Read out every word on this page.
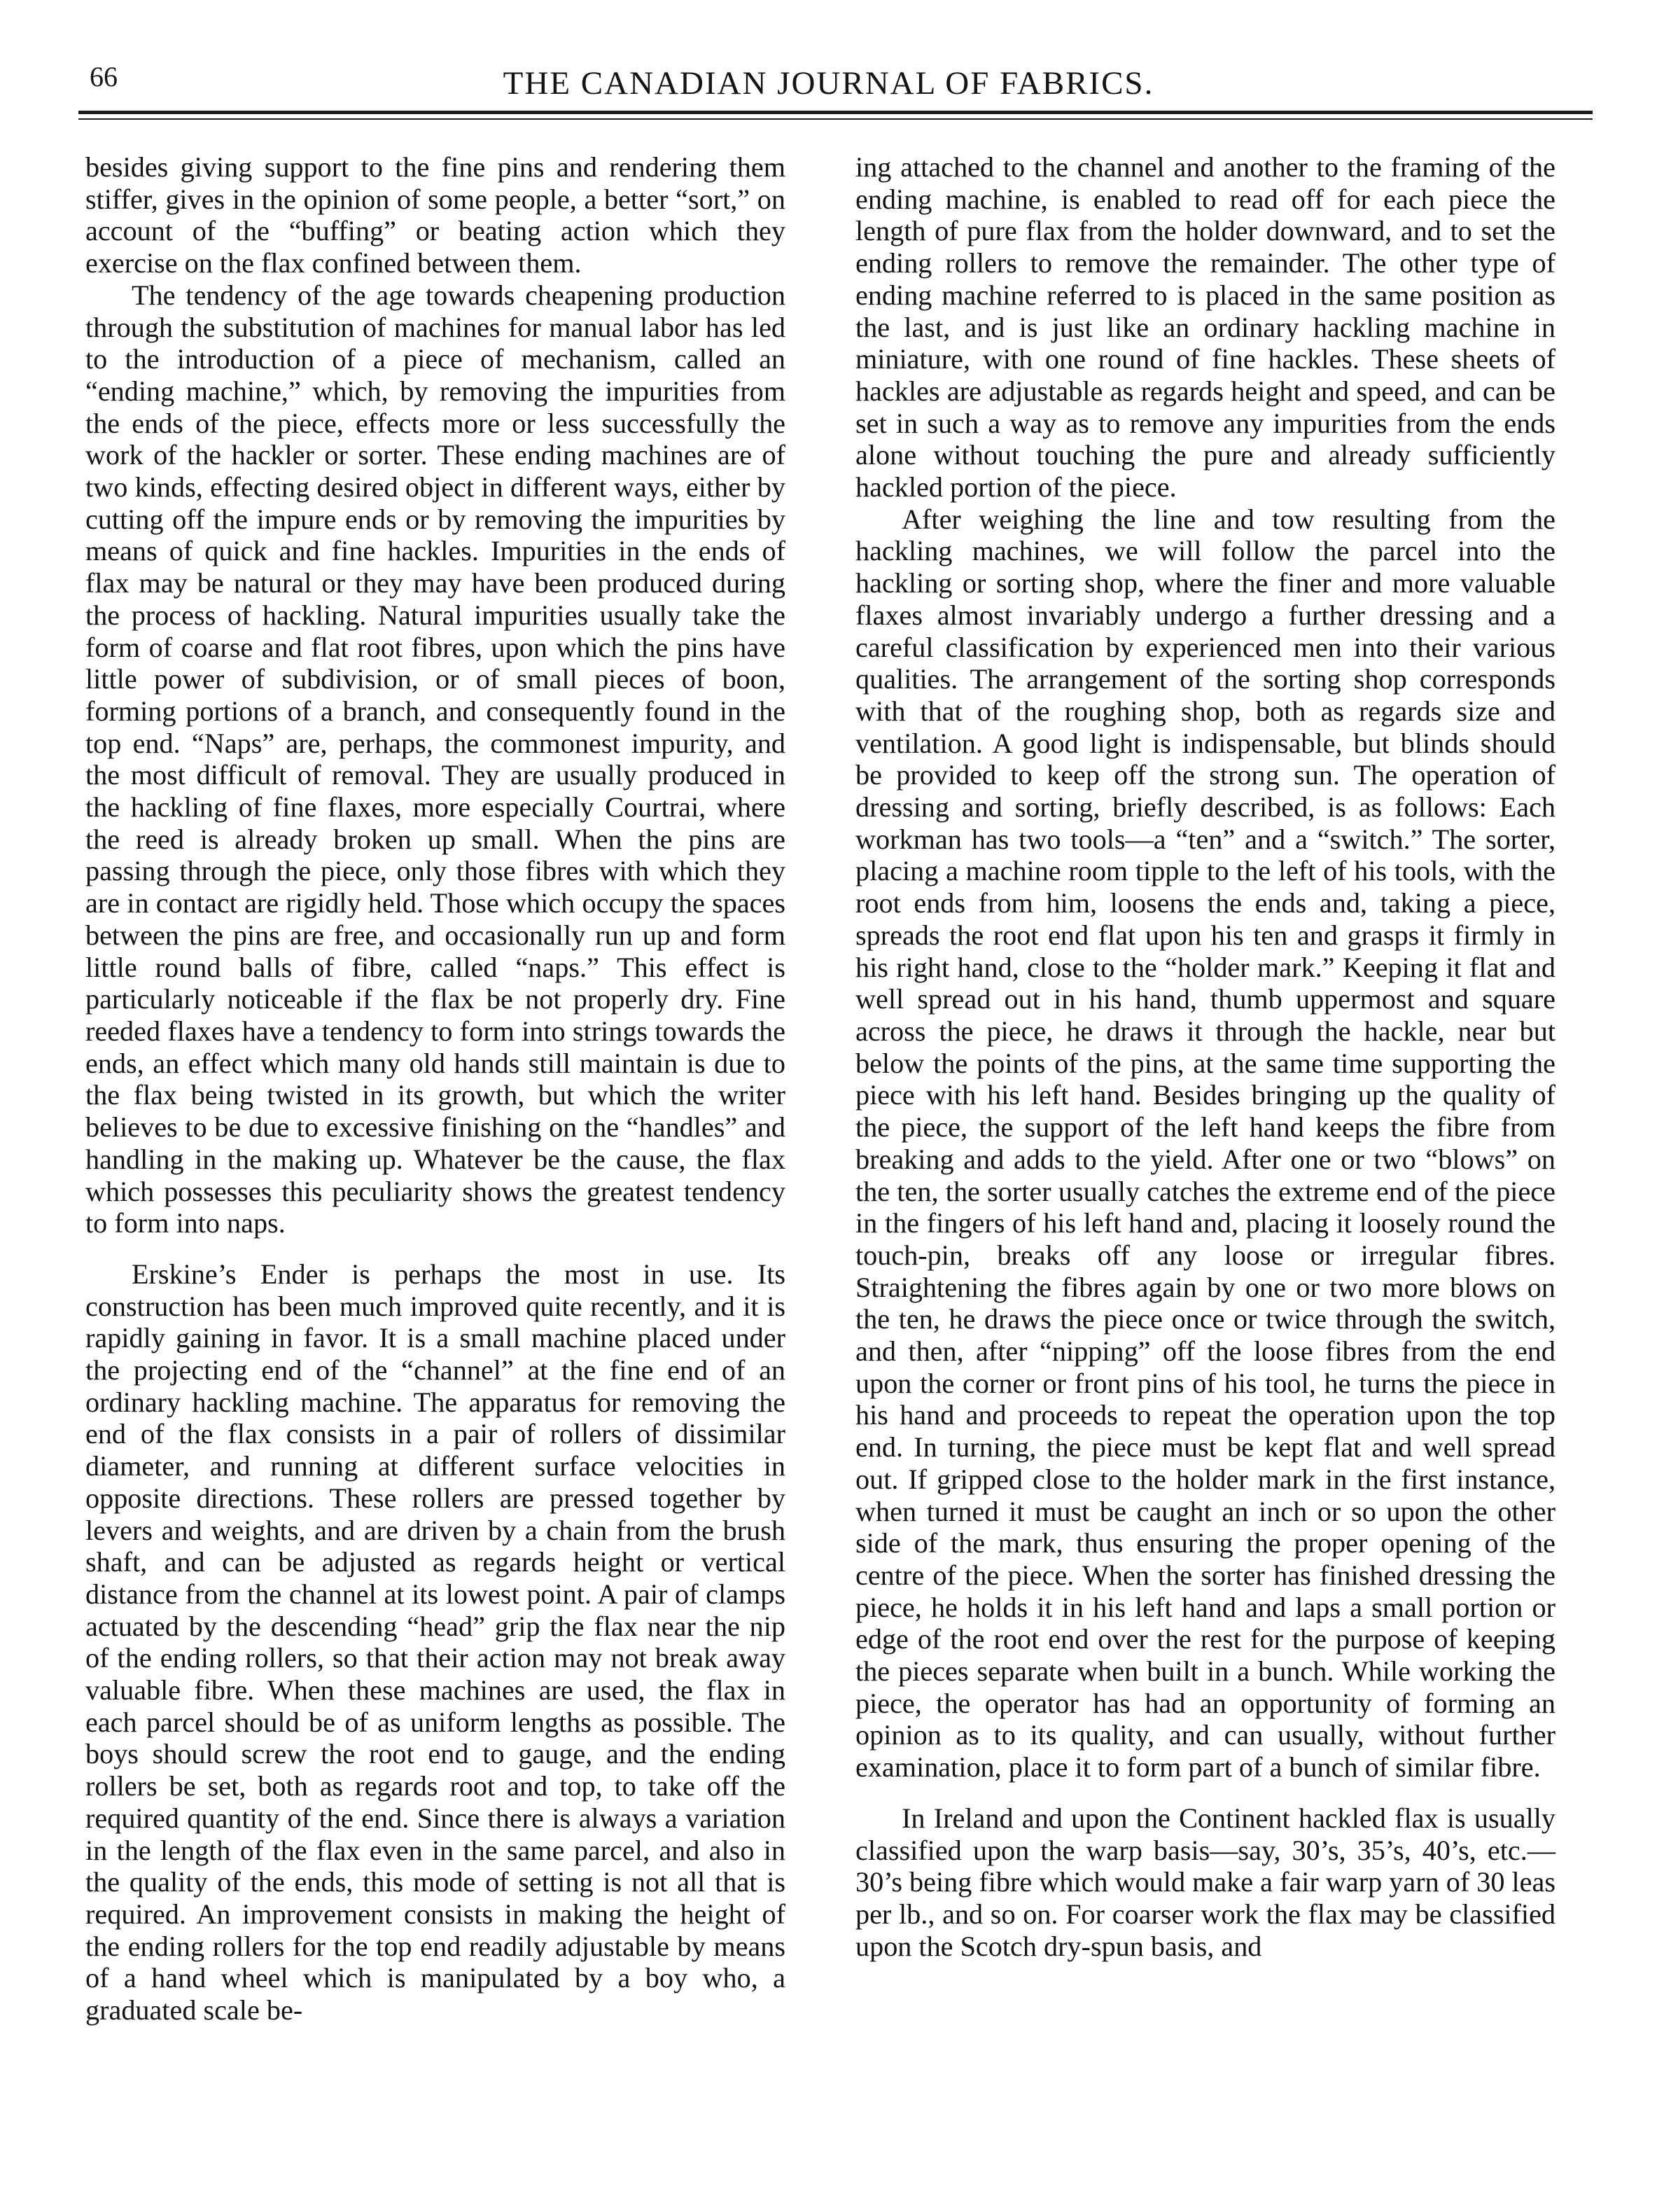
66	THE CANADIAN JOURNAL OF FABRICS.

besides giving support to the fine pins and rendering them stiffer, gives in the opinion of some people, a better “sort,” on account of the “buffing” or beating action which they exercise on the flax confined between them.

The tendency of the age towards cheapening production through the substitution of machines for manual labor has led to the introduction of a piece of mechanism, called an “ending machine,” which, by removing the impurities from the ends of the piece, effects more or less successfully the work of the hackler or sorter. These ending machines are of two kinds, effecting desired object in different ways, either by cutting off the impure ends or by removing the impurities by means of quick and fine hackles. Impurities in the ends of flax may be natural or they may have been produced during the process of hackling. Natural impurities usually take the form of coarse and flat root fibres, upon which the pins have little power of subdivision, or of small pieces of boon, forming portions of a branch, and consequently found in the top end. “Naps” are, perhaps, the commonest impurity, and the most difficult of removal. They are usually produced in the hackling of fine flaxes, more especially Courtrai, where the reed is already broken up small. When the pins are passing through the piece, only those fibres with which they are in contact are rigidly held. Those which occupy the spaces between the pins are free, and occasionally run up and form little round balls of fibre, called “naps.” This effect is particularly noticeable if the flax be not properly dry. Fine reeded flaxes have a tendency to form into strings towards the ends, an effect which many old hands still maintain is due to the flax being twisted in its growth, but which the writer believes to be due to excessive finishing on the “handles” and handling in the making up. Whatever be the cause, the flax which possesses this peculiarity shows the greatest tendency to form into naps.

Erskine’s Ender is perhaps the most in use. Its construction has been much improved quite recently, and it is rapidly gaining in favor. It is a small machine placed under the projecting end of the “channel” at the fine end of an ordinary hackling machine. The apparatus for removing the end of the flax consists in a pair of rollers of dissimilar diameter, and running at different surface velocities in opposite directions. These rollers are pressed together by levers and weights, and are driven by a chain from the brush shaft, and can be adjusted as regards height or vertical distance from the channel at its lowest point. A pair of clamps actuated by the descending “head” grip the flax near the nip of the ending rollers, so that their action may not break away valuable fibre. When these machines are used, the flax in each parcel should be of as uniform lengths as possible. The boys should screw the root end to gauge, and the ending rollers be set, both as regards root and top, to take off the required quantity of the end. Since there is always a variation in the length of the flax even in the same parcel, and also in the quality of the ends, this mode of setting is not all that is required. An improvement consists in making the height of the ending rollers for the top end readily adjustable by means of a hand wheel which is manipulated by a boy who, a graduated scale be-

ing attached to the channel and another to the framing of the ending machine, is enabled to read off for each piece the length of pure flax from the holder downward, and to set the ending rollers to remove the remainder. The other type of ending machine referred to is placed in the same position as the last, and is just like an ordinary hackling machine in miniature, with one round of fine hackles. These sheets of hackles are adjustable as regards height and speed, and can be set in such a way as to remove any impurities from the ends alone without touching the pure and already sufficiently hackled portion of the piece.

After weighing the line and tow resulting from the hackling machines, we will follow the parcel into the hackling or sorting shop, where the finer and more valuable flaxes almost invariably undergo a further dressing and a careful classification by experienced men into their various qualities. The arrangement of the sorting shop corresponds with that of the roughing shop, both as regards size and ventilation. A good light is indispensable, but blinds should be provided to keep off the strong sun. The operation of dressing and sorting, briefly described, is as follows: Each workman has two tools—a “ten” and a “switch.” The sorter, placing a machine room tipple to the left of his tools, with the root ends from him, loosens the ends and, taking a piece, spreads the root end flat upon his ten and grasps it firmly in his right hand, close to the “holder mark.” Keeping it flat and well spread out in his hand, thumb uppermost and square across the piece, he draws it through the hackle, near but below the points of the pins, at the same time supporting the piece with his left hand. Besides bringing up the quality of the piece, the support of the left hand keeps the fibre from breaking and adds to the yield. After one or two “blows” on the ten, the sorter usually catches the extreme end of the piece in the fingers of his left hand and, placing it loosely round the touch-pin, breaks off any loose or irregular fibres. Straightening the fibres again by one or two more blows on the ten, he draws the piece once or twice through the switch, and then, after “nipping” off the loose fibres from the end upon the corner or front pins of his tool, he turns the piece in his hand and proceeds to repeat the operation upon the top end. In turning, the piece must be kept flat and well spread out. If gripped close to the holder mark in the first instance, when turned it must be caught an inch or so upon the other side of the mark, thus ensuring the proper opening of the centre of the piece. When the sorter has finished dressing the piece, he holds it in his left hand and laps a small portion or edge of the root end over the rest for the purpose of keeping the pieces separate when built in a bunch. While working the piece, the operator has had an opportunity of forming an opinion as to its quality, and can usually, without further examination, place it to form part of a bunch of similar fibre.

In Ireland and upon the Continent hackled flax is usually classified upon the warp basis—say, 30’s, 35’s, 40’s, etc.—30’s being fibre which would make a fair warp yarn of 30 leas per lb., and so on. For coarser work the flax may be classified upon the Scotch dry-spun basis, and
